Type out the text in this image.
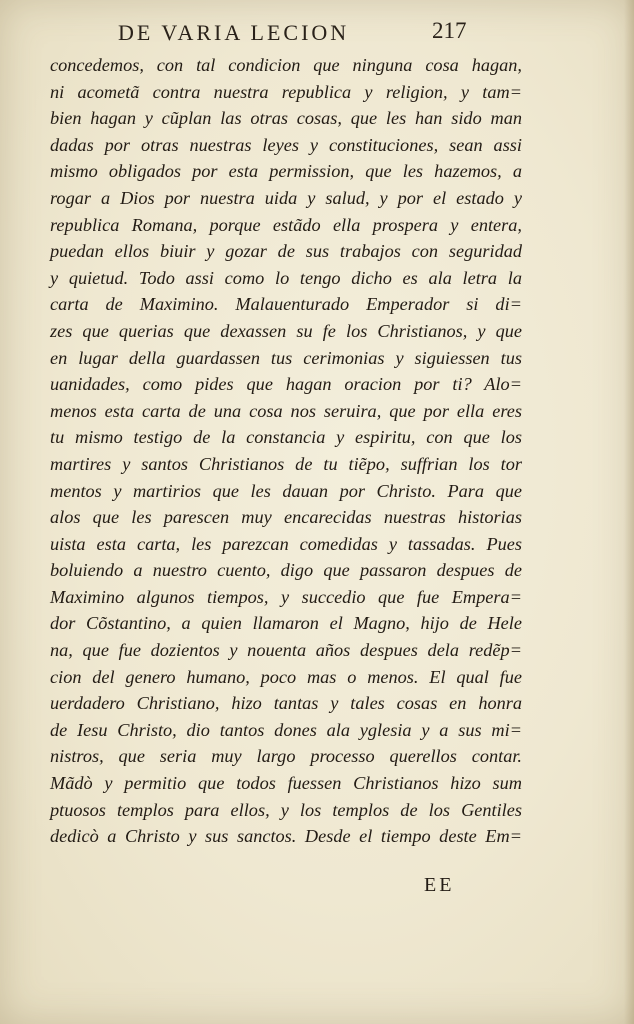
DE VARIA LECION	217
concedemos, con tal condicion que ninguna cosa hagan,
ni acometã contra nuestra republica y religion, y tam=
bien hagan y cũplan las otras cosas, que les han sido man
dadas por otras nuestras leyes y constituciones, sean assi
mismo obligados por esta permission, que les hazemos, a
rogar a Dios por nuestra uida y salud, y por el estado y
republica Romana, porque estãdo ella prospera y entera,
puedan ellos biuir y gozar de sus trabajos con seguridad
y quietud. Todo assi como lo tengo dicho es ala letra la
carta de Maximino. Malauenturado Emperador si di=
zes que querias que dexassen su fe los Christianos, y que
en lugar della guardassen tus cerimonias y siguiessen tus
uanidades, como pides que hagan oracion por ti? Alo=
menos esta carta de una cosa nos seruira, que por ella eres
tu mismo testigo de la constancia y espiritu, con que los
martires y santos Christianos de tu tiẽpo, suffrian los tor
mentos y martirios que les dauan por Christo. Para que
alos que les parescen muy encarecidas nuestras historias
uista esta carta, les parezcan comedidas y tassadas. Pues
boluiendo a nuestro cuento, digo que passaron despues de
Maximino algunos tiempos, y succedio que fue Empera=
dor Cõstantino, a quien llamaron el Magno, hijo de Hele
na, que fue dozientos y nouenta años despues dela redẽp=
cion del genero humano, poco mas o menos. El qual fue
uerdadero Christiano, hizo tantas y tales cosas en honra
de Iesu Christo, dio tantos dones ala yglesia y a sus mi=
nistros, que seria muy largo processo querellos contar.
Mãdò y permitio que todos fuessen Christianos hizo sum
ptuosos templos para ellos, y los templos de los Gentiles
dedicò a Christo y sus sanctos. Desde el tiempo deste Em=
EE
